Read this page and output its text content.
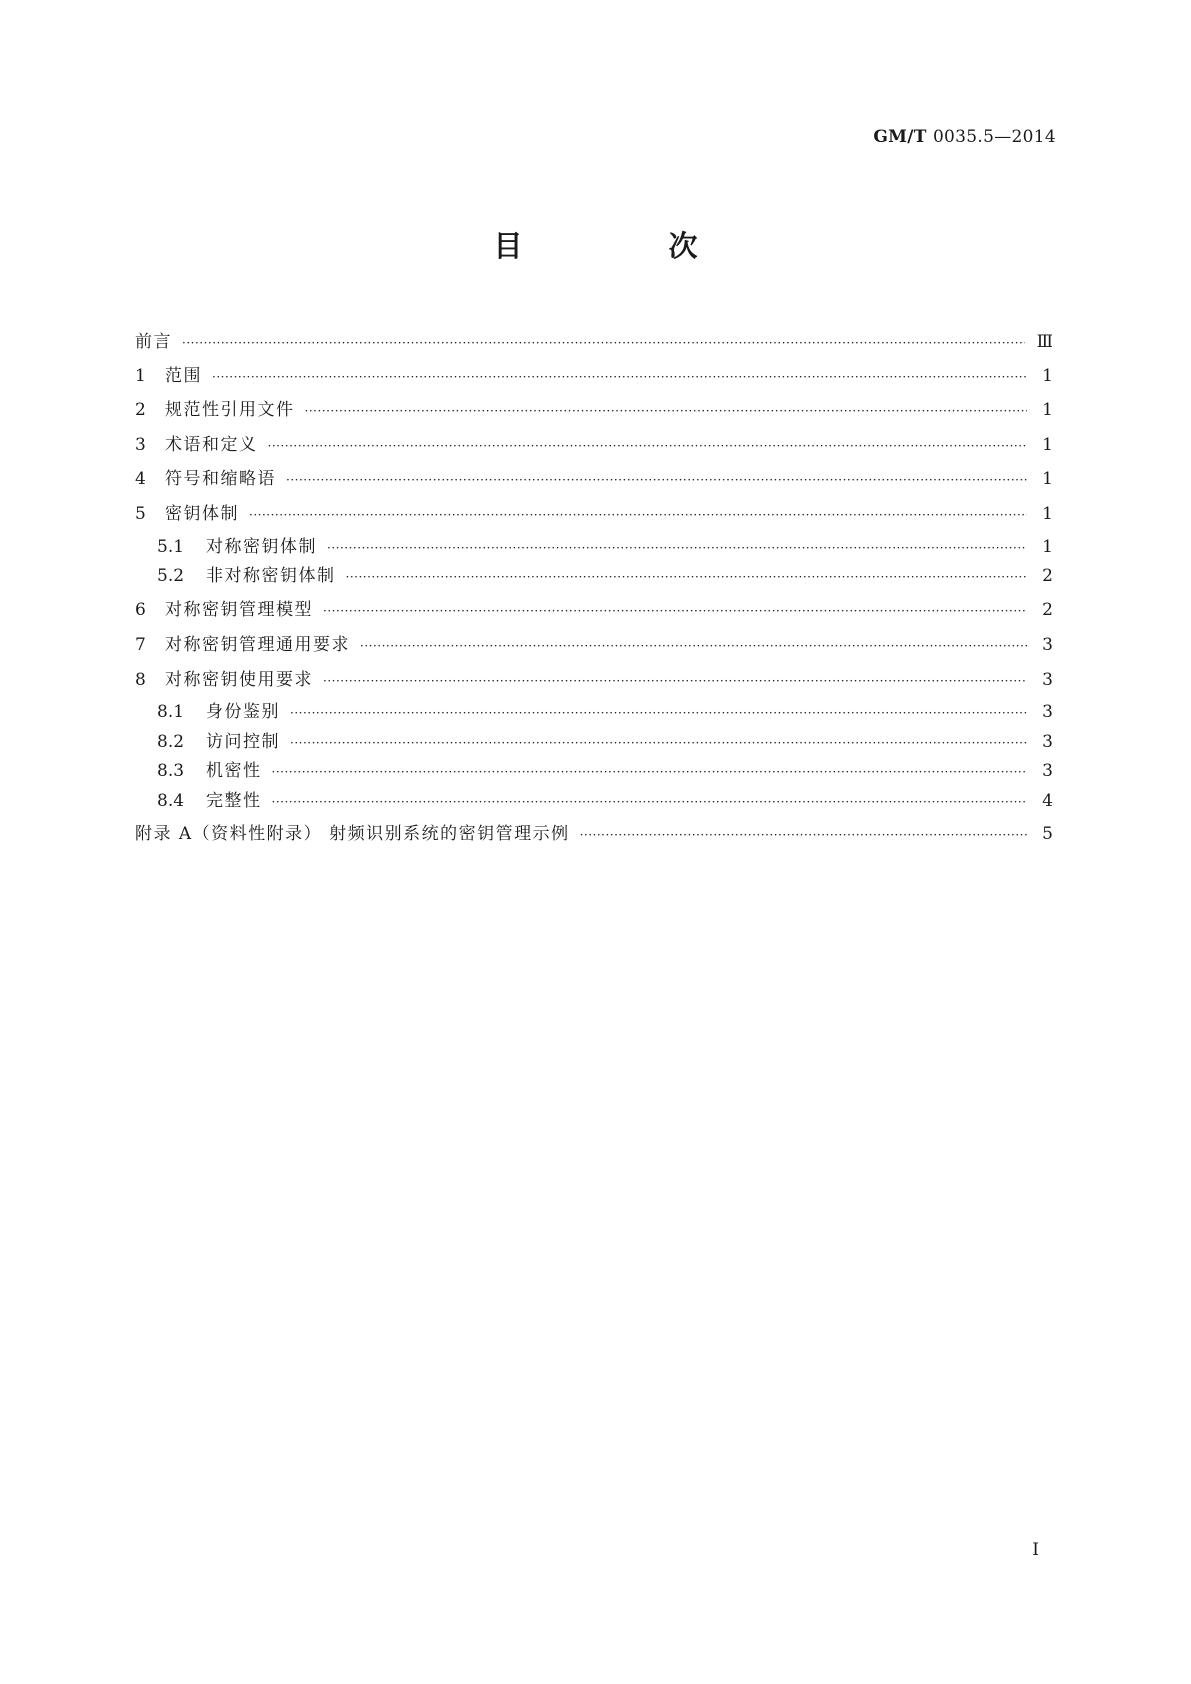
GM/T 0035.5—2014
目 次
前言 ·····	Ⅲ
1	范围 ·····	1
2	规范性引用文件 ·····	1
3	术语和定义 ·····	1
4	符号和缩略语 ·····	1
5	密钥体制 ·····	1
5.1	对称密钥体制 ·····	1
5.2	非对称密钥体制 ·····	2
6	对称密钥管理模型 ·····	2
7	对称密钥管理通用要求 ·····	3
8	对称密钥使用要求 ·····	3
8.1	身份鉴别 ·····	3
8.2	访问控制 ·····	3
8.3	机密性 ·····	3
8.4	完整性 ·····	4
附录 A（资料性附录） 射频识别系统的密钥管理示例 ·····	5
I
